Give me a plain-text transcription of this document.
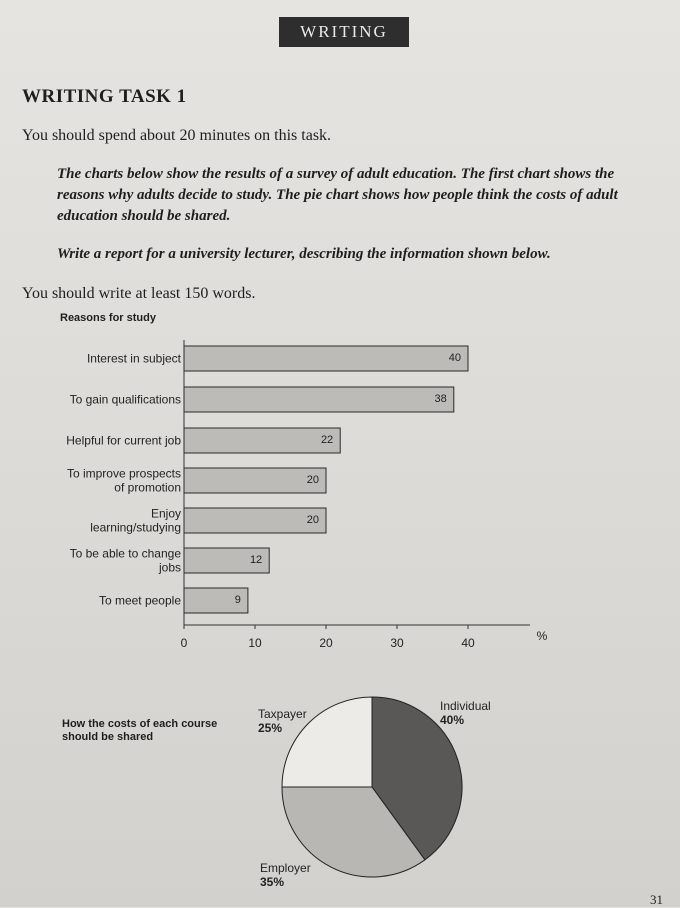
WRITING
WRITING TASK 1
You should spend about 20 minutes on this task.
The charts below show the results of a survey of adult education. The first chart shows the reasons why adults decide to study. The pie chart shows how people think the costs of adult education should be shared.
Write a report for a university lecturer, describing the information shown below.
You should write at least 150 words.
Reasons for study
How the costs of each course should be shared
0	10	20	30	40	%
40
Interest in subject
38
To gain qualifications
22
Helpful for current job
20
To improve prospects
of promotion
20
Enjoy
learning/studying
12
To be able to change
jobs
9
To meet people
Individual
40%
Employer
35%
Taxpayer
25%
31
